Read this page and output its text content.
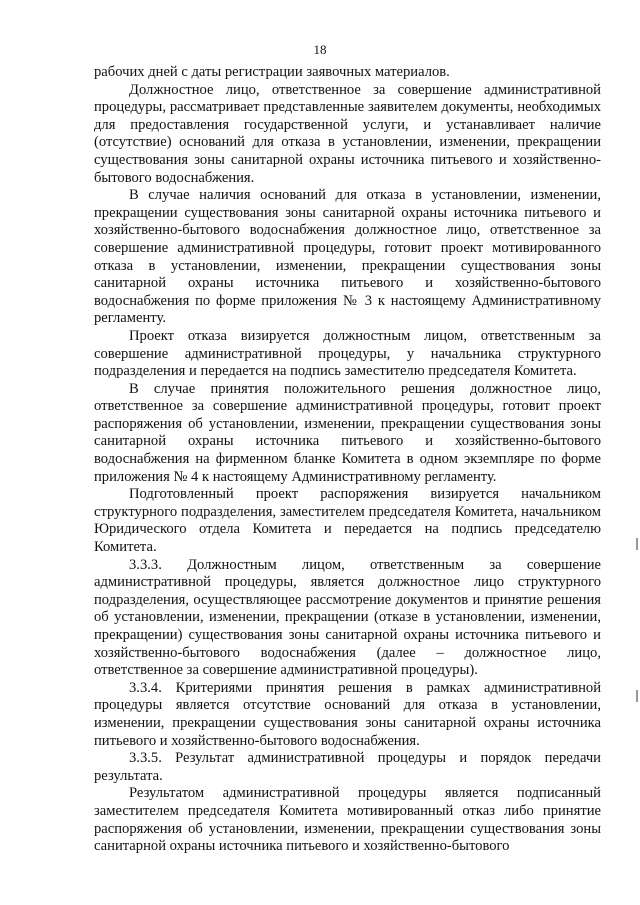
18

рабочих дней с даты регистрации заявочных материалов.

Должностное лицо, ответственное за совершение административной процедуры, рассматривает представленные заявителем документы, необходимых для предоставления государственной услуги, и устанавливает наличие (отсутствие) оснований для отказа в установлении, изменении, прекращении существования зоны санитарной охраны источника питьевого и хозяйственно-бытового водоснабжения.

В случае наличия оснований для отказа в установлении, изменении, прекращении существования зоны санитарной охраны источника питьевого и хозяйственно-бытового водоснабжения должностное лицо, ответственное за совершение административной процедуры, готовит проект мотивированного отказа в установлении, изменении, прекращении существования зоны санитарной охраны источника питьевого и хозяйственно-бытового водоснабжения по форме приложения № 3 к настоящему Административному регламенту.

Проект отказа визируется должностным лицом, ответственным за совершение административной процедуры, у начальника структурного подразделения и передается на подпись заместителю председателя Комитета.

В случае принятия положительного решения должностное лицо, ответственное за совершение административной процедуры, готовит проект распоряжения об установлении, изменении, прекращении существования зоны санитарной охраны источника питьевого и хозяйственно-бытового водоснабжения на фирменном бланке Комитета в одном экземпляре по форме приложения № 4 к настоящему Административному регламенту.

Подготовленный проект распоряжения визируется начальником структурного подразделения, заместителем председателя Комитета, начальником Юридического отдела Комитета и передается на подпись председателю Комитета.

3.3.3. Должностным лицом, ответственным за совершение административной процедуры, является должностное лицо структурного подразделения, осуществляющее рассмотрение документов и принятие решения об установлении, изменении, прекращении (отказе в установлении, изменении, прекращении) существования зоны санитарной охраны источника питьевого и хозяйственно-бытового водоснабжения (далее – должностное лицо, ответственное за совершение административной процедуры).

3.3.4. Критериями принятия решения в рамках административной процедуры является отсутствие оснований для отказа в установлении, изменении, прекращении существования зоны санитарной охраны источника питьевого и хозяйственно-бытового водоснабжения.

3.3.5. Результат административной процедуры и порядок передачи результата.

Результатом административной процедуры является подписанный заместителем председателя Комитета мотивированный отказ либо принятие распоряжения об установлении, изменении, прекращении существования зоны санитарной охраны источника питьевого и хозяйственно-бытового
